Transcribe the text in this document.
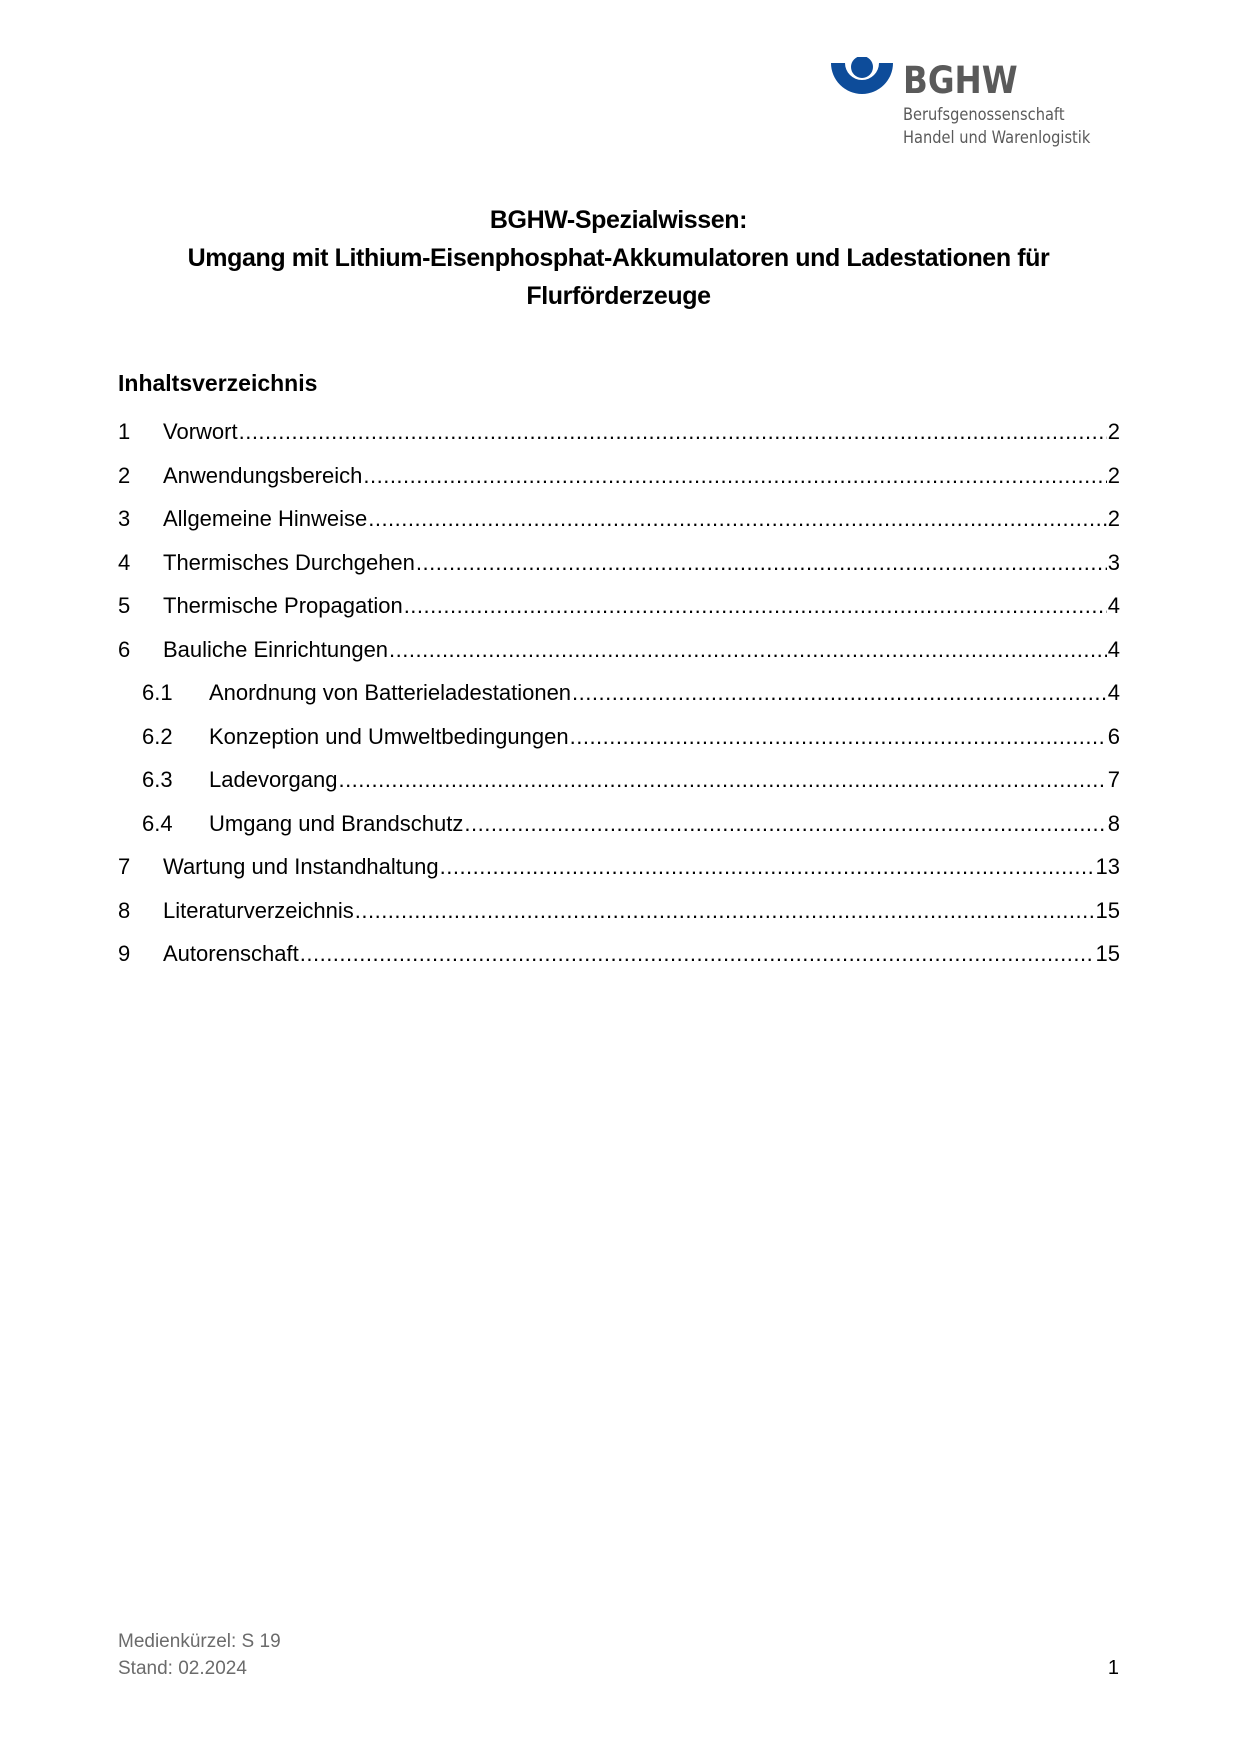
BGHW
Berufsgenossenschaft
Handel und Warenlogistik
BGHW-Spezialwissen:
Umgang mit Lithium-Eisenphosphat-Akkumulatoren und Ladestationen für
Flurförderzeuge
Inhaltsverzeichnis
1	Vorwort .....	2
2	Anwendungsbereich .....	2
3	Allgemeine Hinweise .....	2
4	Thermisches Durchgehen .....	3
5	Thermische Propagation .....	4
6	Bauliche Einrichtungen .....	4
6.1	Anordnung von Batterieladestationen .....	4
6.2	Konzeption und Umweltbedingungen .....	6
6.3	Ladevorgang .....	7
6.4	Umgang und Brandschutz .....	8
7	Wartung und Instandhaltung .....	13
8	Literaturverzeichnis .....	15
9	Autorenschaft .....	15
Medienkürzel: S 19
Stand: 02.2024	1
